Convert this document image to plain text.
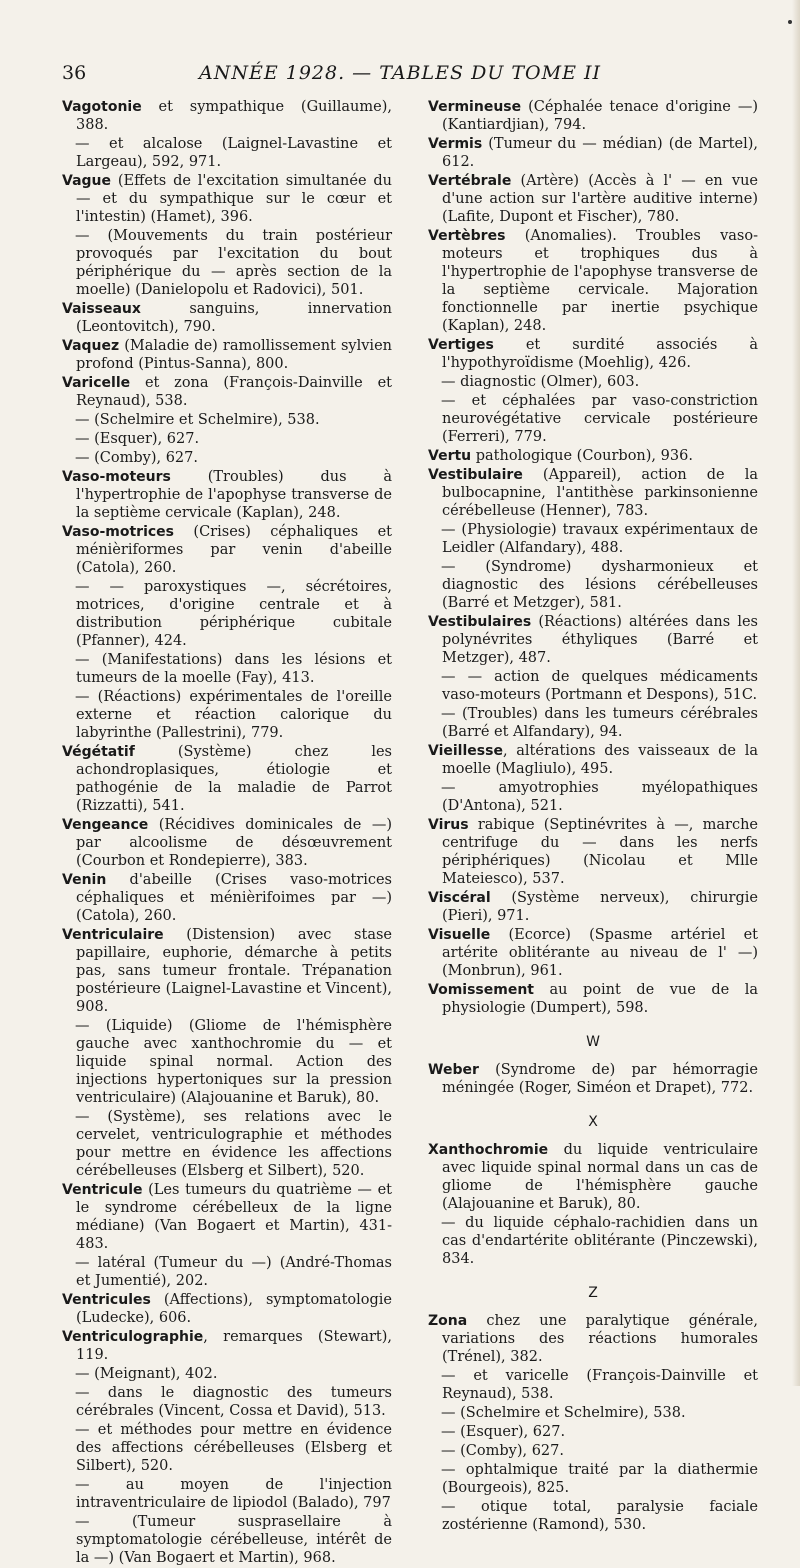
36	ANNÉE 1928. — TABLES DU TOME II
Vagotonie et sympathique (Guillaume), 388.
— et alcalose (Laignel-Lavastine et Largeau), 592, 971.
Vague (Effets de l'excitation simultanée du — et du sympathique sur le cœur et l'intestin) (Hamet), 396.
— (Mouvements du train postérieur provoqués par l'excitation du bout périphérique du — après section de la moelle) (Danielopolu et Radovici), 501.
Vaisseaux sanguins, innervation (Leontovitch), 790.
Vaquez (Maladie de) ramollissement sylvien profond (Pintus-Sanna), 800.
Varicelle et zona (François-Dainville et Reynaud), 538.
— (Schelmire et Schelmire), 538.
— (Esquer), 627.
— (Comby), 627.
Vaso-moteurs (Troubles) dus à l'hypertrophie de l'apophyse transverse de la septième cervicale (Kaplan), 248.
Vaso-motrices (Crises) céphaliques et ménièriformes par venin d'abeille (Catola), 260.
— — paroxystiques —, sécrétoires, motrices, d'origine centrale et à distribution périphérique cubitale (Pfanner), 424.
— (Manifestations) dans les lésions et tumeurs de la moelle (Fay), 413.
— (Réactions) expérimentales de l'oreille externe et réaction calorique du labyrinthe (Pallestrini), 779.
Végétatif (Système) chez les achondroplasiques, étiologie et pathogénie de la maladie de Parrot (Rizzatti), 541.
Vengeance (Récidives dominicales de —) par alcoolisme de désœuvrement (Courbon et Rondepierre), 383.
Venin d'abeille (Crises vaso-motrices céphaliques et ménièrifoimes par —) (Catola), 260.
Ventriculaire (Distension) avec stase papillaire, euphorie, démarche à petits pas, sans tumeur frontale. Trépanation postérieure (Laignel-Lavastine et Vincent), 908.
— (Liquide) (Gliome de l'hémisphère gauche avec xanthochromie du — et liquide spinal normal. Action des injections hypertoniques sur la pression ventriculaire) (Alajouanine et Baruk), 80.
— (Système), ses relations avec le cervelet, ventriculographie et méthodes pour mettre en évidence les affections cérébelleuses (Elsberg et Silbert), 520.
Ventricule (Les tumeurs du quatrième — et le syndrome cérébelleux de la ligne médiane) (Van Bogaert et Martin), 431-483.
— latéral (Tumeur du —) (André-Thomas et Jumentié), 202.
Ventricules (Affections), symptomatologie (Ludecke), 606.
Ventriculographie, remarques (Stewart), 119.
— (Meignant), 402.
— dans le diagnostic des tumeurs cérébrales (Vincent, Cossa et David), 513.
— et méthodes pour mettre en évidence des affections cérébelleuses (Elsberg et Silbert), 520.
— au moyen de l'injection intraventriculaire de lipiodol (Balado), 797
— (Tumeur susprasellaire à symptomatologie cérébelleuse, intérêt de la —) (Van Bogaert et Martin), 968.
Vermineuse (Céphalée tenace d'origine —) (Kantiardjian), 794.
Vermis (Tumeur du — médian) (de Martel), 612.
Vertébrale (Artère) (Accès à l' — en vue d'une action sur l'artère auditive interne) (Lafite, Dupont et Fischer), 780.
Vertèbres (Anomalies). Troubles vaso-moteurs et trophiques dus à l'hypertrophie de l'apophyse transverse de la septième cervicale. Majoration fonctionnelle par inertie psychique (Kaplan), 248.
Vertiges et surdité associés à l'hypothyroïdisme (Moehlig), 426.
— diagnostic (Olmer), 603.
— et céphalées par vaso-constriction neurovégétative cervicale postérieure (Ferreri), 779.
Vertu pathologique (Courbon), 936.
Vestibulaire (Appareil), action de la bulbocapnine, l'antithèse parkinsonienne cérébelleuse (Henner), 783.
— (Physiologie) travaux expérimentaux de Leidler (Alfandary), 488.
— (Syndrome) dysharmonieux et diagnostic des lésions cérébelleuses (Barré et Metzger), 581.
Vestibulaires (Réactions) altérées dans les polynévrites éthyliques (Barré et Metzger), 487.
— — action de quelques médicaments vaso-moteurs (Portmann et Despons), 51C.
— (Troubles) dans les tumeurs cérébrales (Barré et Alfandary), 94.
Vieillesse, altérations des vaisseaux de la moelle (Magliulo), 495.
— amyotrophies myélopathiques (D'Antona), 521.
Virus rabique (Septinévrites à —, marche centrifuge du — dans les nerfs périphériques) (Nicolau et Mlle Mateiesco), 537.
Viscéral (Système nerveux), chirurgie (Pieri), 971.
Visuelle (Ecorce) (Spasme artériel et artérite oblitérante au niveau de l' —) (Monbrun), 961.
Vomissement au point de vue de la physiologie (Dumpert), 598.
W
Weber (Syndrome de) par hémorragie méningée (Roger, Siméon et Drapet), 772.
X
Xanthochromie du liquide ventriculaire avec liquide spinal normal dans un cas de gliome de l'hémisphère gauche (Alajouanine et Baruk), 80.
— du liquide céphalo-rachidien dans un cas d'endartérite oblitérante (Pinczewski), 834.
Z
Zona chez une paralytique générale, variations des réactions humorales (Trénel), 382.
— et varicelle (François-Dainville et Reynaud), 538.
— (Schelmire et Schelmire), 538.
— (Esquer), 627.
— (Comby), 627.
— ophtalmique traité par la diathermie (Bourgeois), 825.
— otique total, paralysie faciale zostérienne (Ramond), 530.
